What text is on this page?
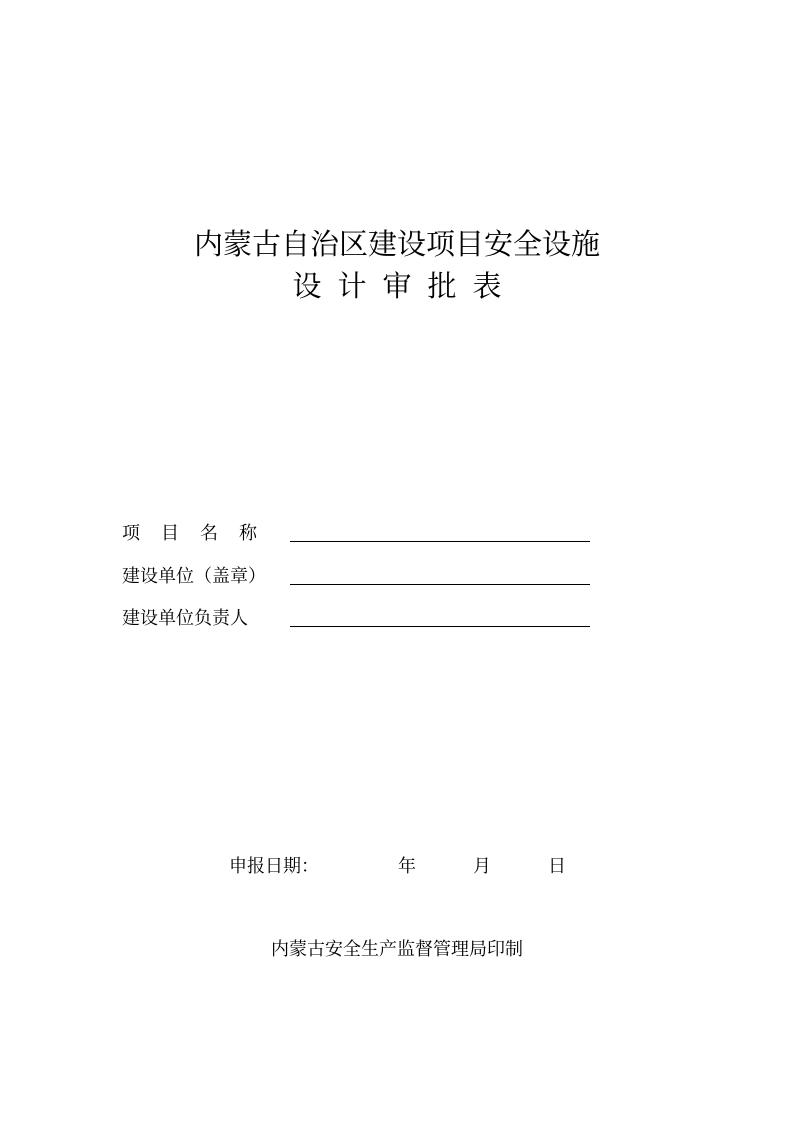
内蒙古自治区建设项目安全设施
设计审批表
项目名称
建设单位（盖章）
建设单位负责人
申报日期：	年	月	日
内蒙古安全生产监督管理局印制
